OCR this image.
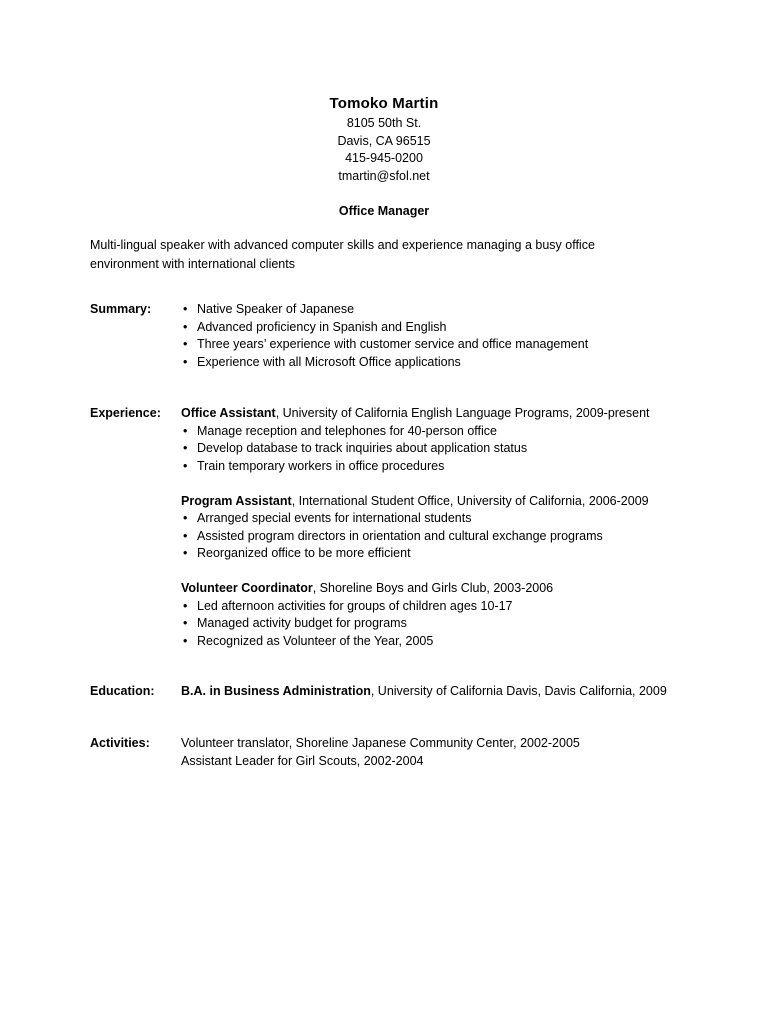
Tomoko Martin
8105 50th St.
Davis, CA 96515
415-945-0200
tmartin@sfol.net
Office Manager
Multi-lingual speaker with advanced computer skills and experience managing a busy office environment with international clients
Summary:
•	Native Speaker of Japanese
• Advanced proficiency in Spanish and English
• Three years’ experience with customer service and office management
• Experience with all Microsoft Office applications
Experience:	Office Assistant, University of California English Language Programs, 2009-present
• Manage reception and telephones for 40-person office
• Develop database to track inquiries about application status
• Train temporary workers in office procedures
Program Assistant, International Student Office, University of California, 2006-2009
• Arranged special events for international students
• Assisted program directors in orientation and cultural exchange programs
• Reorganized office to be more efficient
Volunteer Coordinator, Shoreline Boys and Girls Club, 2003-2006
• Led afternoon activities for groups of children ages 10-17
• Managed activity budget for programs
• Recognized as Volunteer of the Year, 2005
Education:	B.A. in Business Administration, University of California Davis, Davis California, 2009
Activities:	Volunteer translator, Shoreline Japanese Community Center, 2002-2005
Assistant Leader for Girl Scouts, 2002-2004
